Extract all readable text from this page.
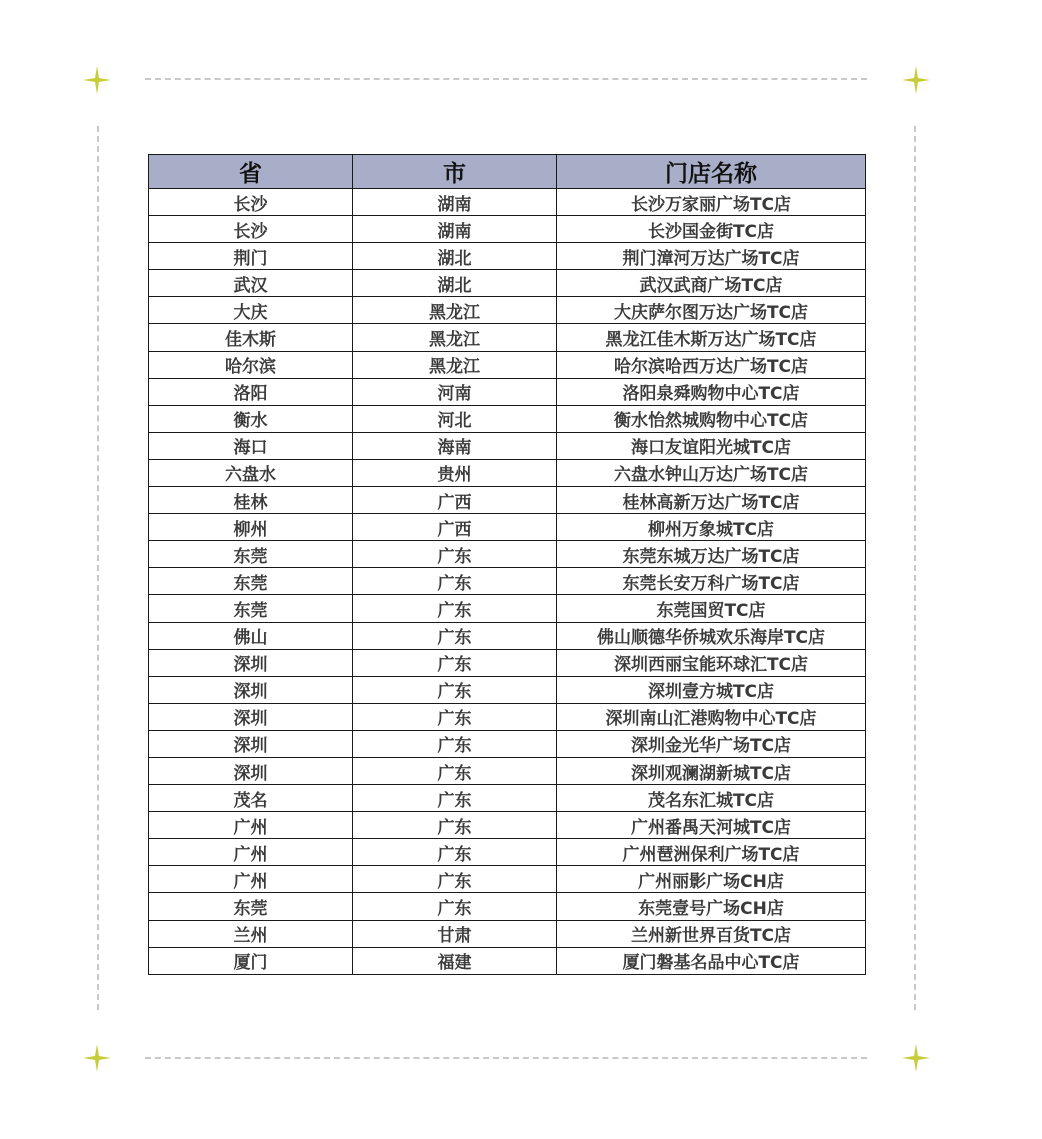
省	市	门店名称
长沙	湖南	长沙万家丽广场TC店
长沙	湖南	长沙国金街TC店
荆门	湖北	荆门漳河万达广场TC店
武汉	湖北	武汉武商广场TC店
大庆	黑龙江	大庆萨尔图万达广场TC店
佳木斯	黑龙江	黑龙江佳木斯万达广场TC店
哈尔滨	黑龙江	哈尔滨哈西万达广场TC店
洛阳	河南	洛阳泉舜购物中心TC店
衡水	河北	衡水怡然城购物中心TC店
海口	海南	海口友谊阳光城TC店
六盘水	贵州	六盘水钟山万达广场TC店
桂林	广西	桂林高新万达广场TC店
柳州	广西	柳州万象城TC店
东莞	广东	东莞东城万达广场TC店
东莞	广东	东莞长安万科广场TC店
东莞	广东	东莞国贸TC店
佛山	广东	佛山顺德华侨城欢乐海岸TC店
深圳	广东	深圳西丽宝能环球汇TC店
深圳	广东	深圳壹方城TC店
深圳	广东	深圳南山汇港购物中心TC店
深圳	广东	深圳金光华广场TC店
深圳	广东	深圳观澜湖新城TC店
茂名	广东	茂名东汇城TC店
广州	广东	广州番禺天河城TC店
广州	广东	广州琶洲保利广场TC店
广州	广东	广州丽影广场CH店
东莞	广东	东莞壹号广场CH店
兰州	甘肃	兰州新世界百货TC店
厦门	福建	厦门磐基名品中心TC店
